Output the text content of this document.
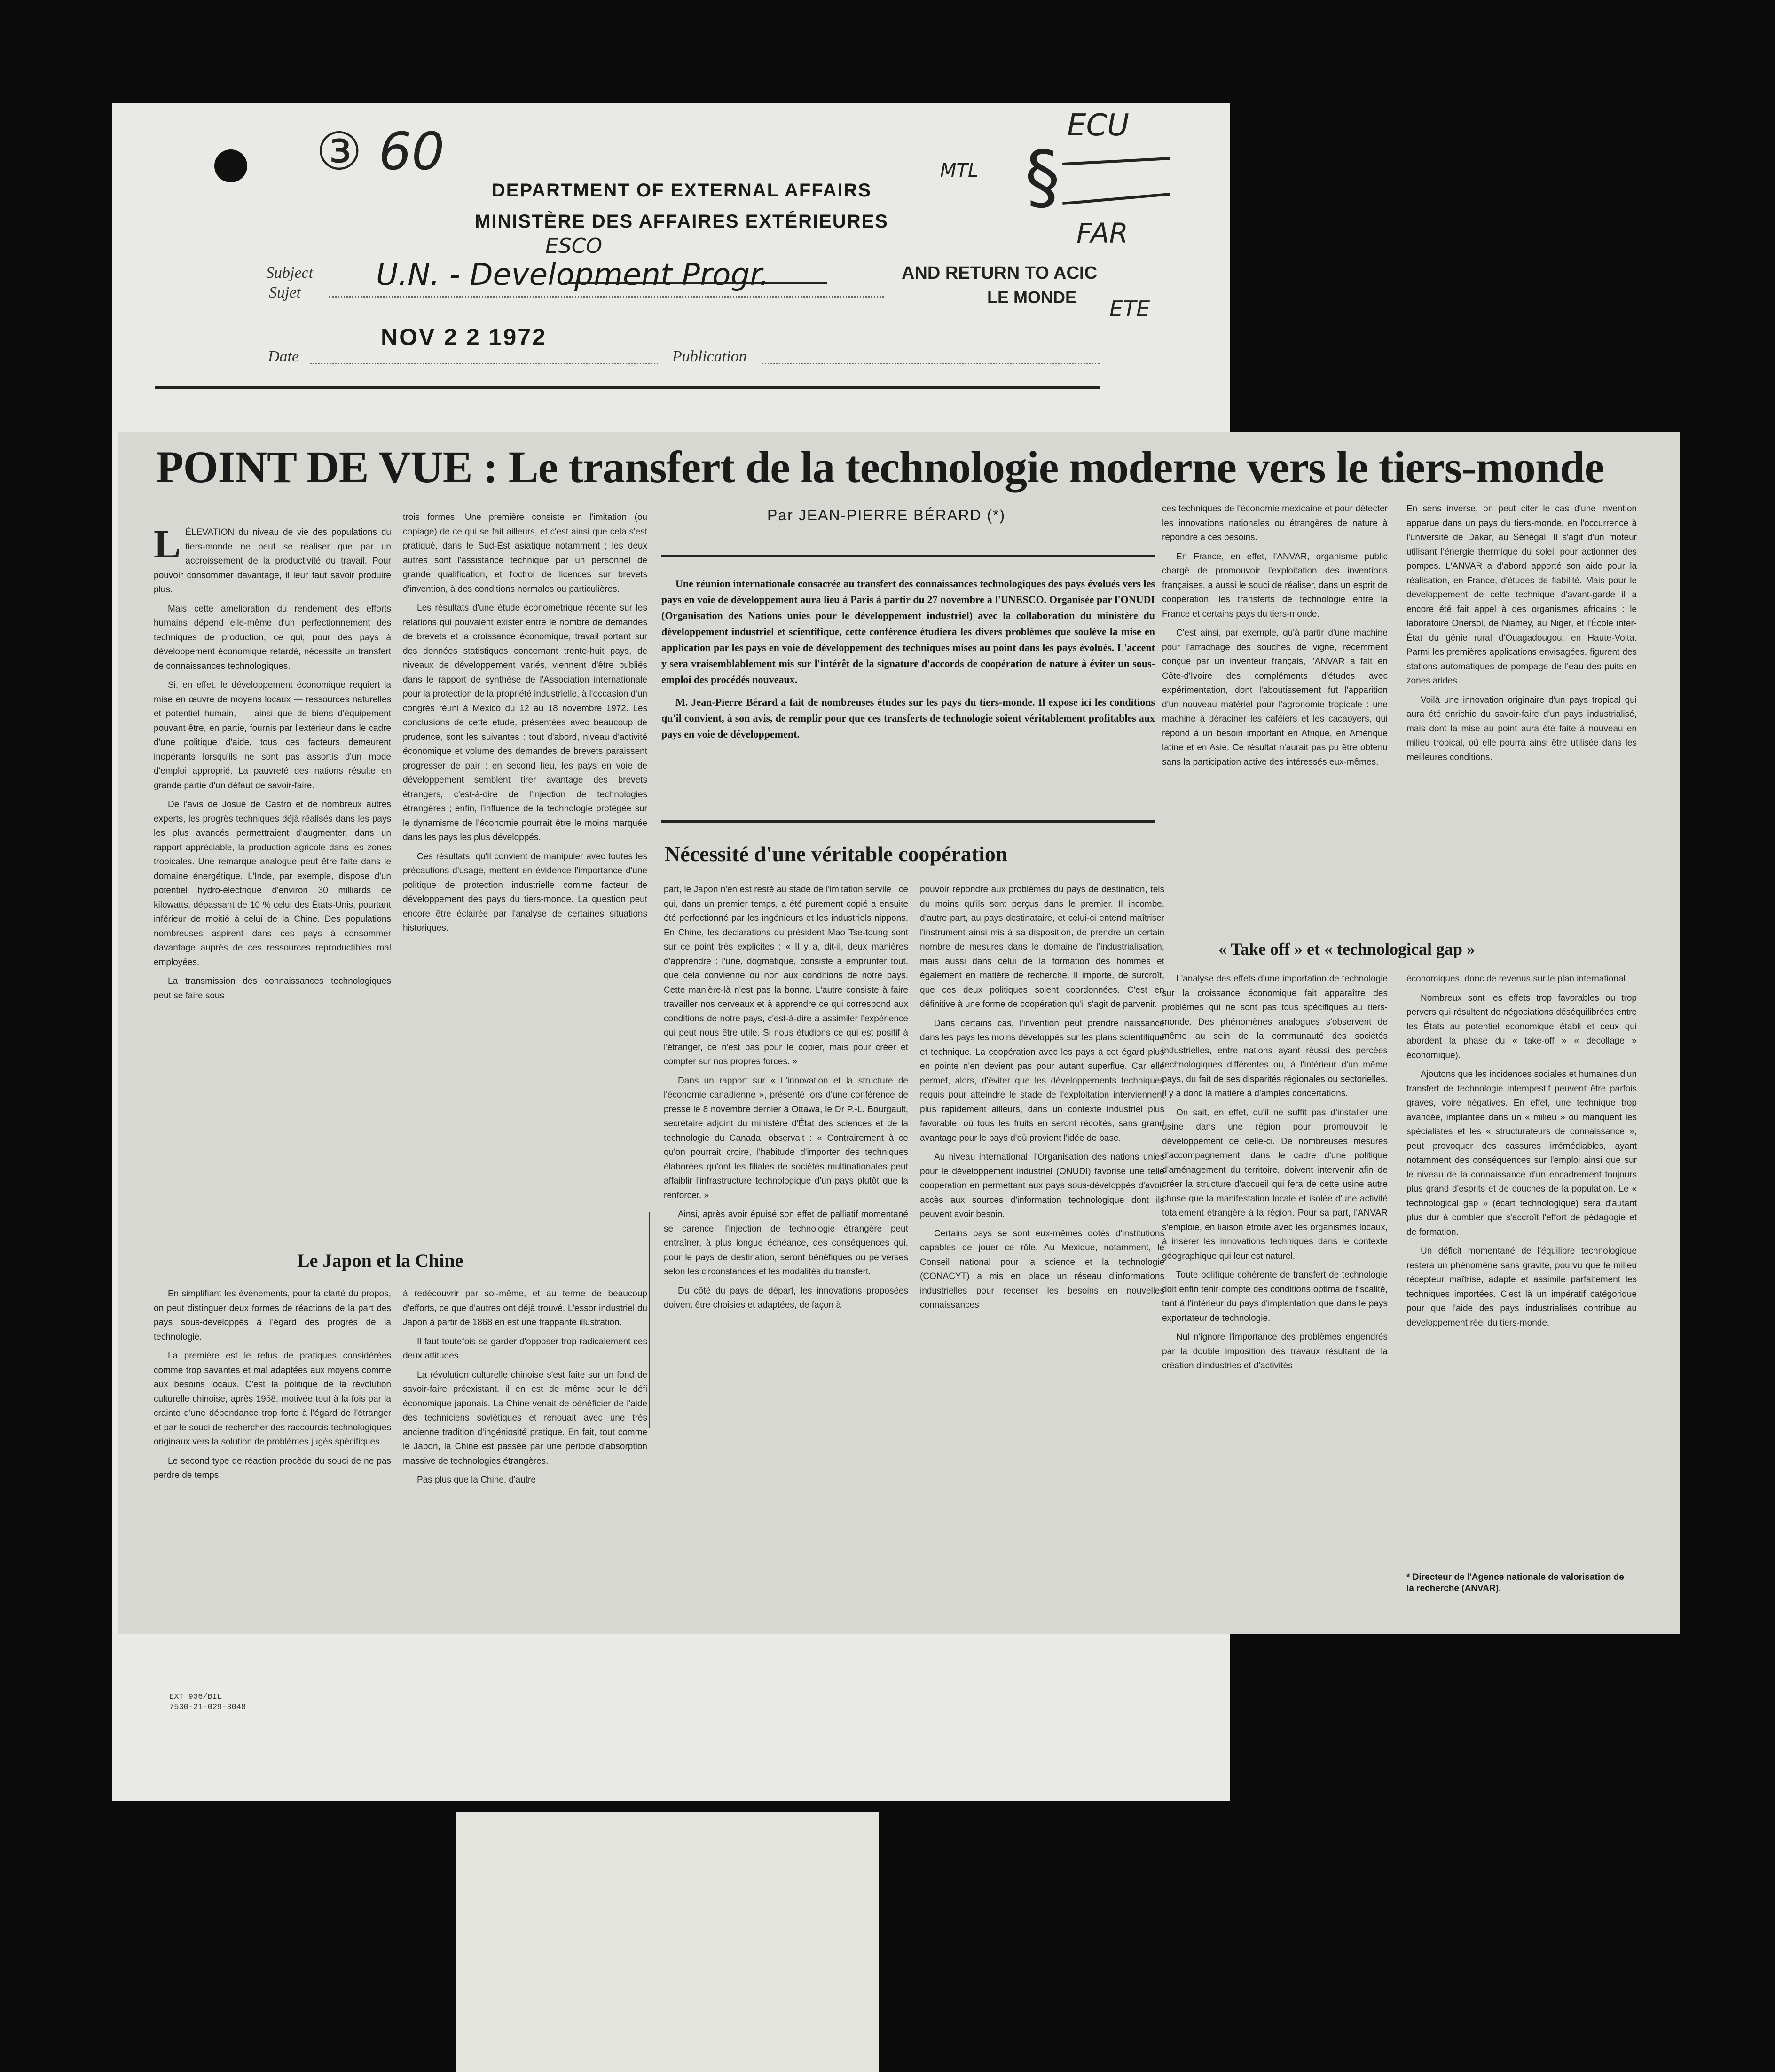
③ 60
DEPARTMENT OF EXTERNAL AFFAIRS
MINISTÈRE DES AFFAIRES EXTÉRIEURES
ECU
§
MTL
FAR
ETE
Subject
Sujet
ESCO
U.N. - Development Progr.	AND RETURN TO ACIC
LE MONDE
Date
NOV 2 2 1972
Publication
EXT 936/BIL
7530-21-029-3048
POINT DE VUE : Le transfert de la technologie moderne vers le tiers-monde
Par JEAN-PIERRE BÉRARD (*)
L ÉLEVATION du niveau de vie des populations du tiers-monde ne peut se réaliser que par un accroissement de la productivité du travail. Pour pouvoir consommer davantage, il leur faut savoir produire plus.

Mais cette amélioration du rendement des efforts humains dépend elle-même d'un perfectionnement des techniques de production, ce qui, pour des pays à développement économique retardé, nécessite un transfert de connaissances technologiques.

Si, en effet, le développement économique requiert la mise en œuvre de moyens locaux — ressources naturelles et potentiel humain, — ainsi que de biens d'équipement pouvant être, en partie, fournis par l'extérieur dans le cadre d'une politique d'aide, tous ces facteurs demeurent inopérants lorsqu'ils ne sont pas assortis d'un mode d'emploi approprié. La pauvreté des nations résulte en grande partie d'un défaut de savoir-faire.

De l'avis de Josué de Castro et de nombreux autres experts, les progrès techniques déjà réalisés dans les pays les plus avancés permettraient d'augmenter, dans un rapport appréciable, la production agricole dans les zones tropicales. Une remarque analogue peut être faite dans le domaine énergétique. L'Inde, par exemple, dispose d'un potentiel hydro-électrique d'environ 30 milliards de kilowatts, dépassant de 10 % celui des États-Unis, pourtant inférieur de moitié à celui de la Chine. Des populations nombreuses aspirent dans ces pays à consommer davantage auprès de ces ressources reproductibles mal employées.

La transmission des connaissances technologiques peut se faire sous

Le Japon et la Chine

En simplifiant les événements, pour la clarté du propos, on peut distinguer deux formes de réactions de la part des pays sous-développés à l'égard des progrès de la technologie.

La première est le refus de pratiques considérées comme trop savantes et mal adaptées aux moyens comme aux besoins locaux. C'est la politique de la révolution culturelle chinoise, après 1958, motivée tout à la fois par la crainte d'une dépendance trop forte à l'égard de l'étranger et par le souci de rechercher des raccourcis technologiques originaux vers la solution de problèmes jugés spécifiques.

Le second type de réaction procède du souci de ne pas perdre de temps

trois formes. Une première consiste en l'imitation (ou copiage) de ce qui se fait ailleurs, et c'est ainsi que cela s'est pratiqué, dans le Sud-Est asiatique notamment ; les deux autres sont l'assistance technique par un personnel de grande qualification, et l'octroi de licences sur brevets d'invention, à des conditions normales ou particulières.

Les résultats d'une étude économétrique récente sur les relations qui pouvaient exister entre le nombre de demandes de brevets et la croissance économique, travail portant sur des données statistiques concernant trente-huit pays, de niveaux de développement variés, viennent d'être publiés dans le rapport de synthèse de l'Association internationale pour la protection de la propriété industrielle, à l'occasion d'un congrès réuni à Mexico du 12 au 18 novembre 1972. Les conclusions de cette étude, présentées avec beaucoup de prudence, sont les suivantes : tout d'abord, niveau d'activité économique et volume des demandes de brevets paraissent progresser de pair ; en second lieu, les pays en voie de développement semblent tirer avantage des brevets étrangers, c'est-à-dire de l'injection de technologies étrangères ; enfin, l'influence de la technologie protégée sur le dynamisme de l'économie pourrait être le moins marquée dans les pays les plus développés.

Ces résultats, qu'il convient de manipuler avec toutes les précautions d'usage, mettent en évidence l'importance d'une politique de protection industrielle comme facteur de développement des pays du tiers-monde. La question peut encore être éclairée par l'analyse de certaines situations historiques.

à redécouvrir par soi-même, et au terme de beaucoup d'efforts, ce que d'autres ont déjà trouvé. L'essor industriel du Japon à partir de 1868 en est une frappante illustration.

Il faut toutefois se garder d'opposer trop radicalement ces deux attitudes.

La révolution culturelle chinoise s'est faite sur un fond de savoir-faire préexistant, il en est de même pour le défi économique japonais. La Chine venait de bénéficier de l'aide des techniciens soviétiques et renouait avec une très ancienne tradition d'ingéniosité pratique. En fait, tout comme le Japon, la Chine est passée par une période d'absorption massive de technologies étrangères.

Pas plus que la Chine, d'autre

Une réunion internationale consacrée au transfert des connaissances technologiques des pays évolués vers les pays en voie de développement aura lieu à Paris à partir du 27 novembre à l'UNESCO. Organisée par l'ONUDI (Organisation des Nations unies pour le développement industriel) avec la collaboration du ministère du développement industriel et scientifique, cette conférence étudiera les divers problèmes que soulève la mise en application par les pays en voie de développement des techniques mises au point dans les pays évolués. L'accent y sera vraisemblablement mis sur l'intérêt de la signature d'accords de coopération de nature à éviter un sous-emploi des procédés nouveaux.

M. Jean-Pierre Bérard a fait de nombreuses études sur les pays du tiers-monde. Il expose ici les conditions qu'il convient, à son avis, de remplir pour que ces transferts de technologie soient véritablement profitables aux pays en voie de développement.

Nécessité d'une véritable coopération

part, le Japon n'en est resté au stade de l'imitation servile ; ce qui, dans un premier temps, a été purement copié a ensuite été perfectionné par les ingénieurs et les industriels nippons. En Chine, les déclarations du président Mao Tse-toung sont sur ce point très explicites : « Il y a, dit-il, deux manières d'apprendre : l'une, dogmatique, consiste à emprunter tout, que cela convienne ou non aux conditions de notre pays. Cette manière-là n'est pas la bonne. L'autre consiste à faire travailler nos cerveaux et à apprendre ce qui correspond aux conditions de notre pays, c'est-à-dire à assimiler l'expérience qui peut nous être utile. Si nous étudions ce qui est positif à l'étranger, ce n'est pas pour le copier, mais pour créer et compter sur nos propres forces. »

Dans un rapport sur « L'innovation et la structure de l'économie canadienne », présenté lors d'une conférence de presse le 8 novembre dernier à Ottawa, le Dr P.-L. Bourgault, secrétaire adjoint du ministère d'État des sciences et de la technologie du Canada, observait : « Contrairement à ce qu'on pourrait croire, l'habitude d'importer des techniques élaborées qu'ont les filiales de sociétés multinationales peut affaiblir l'infrastructure technologique d'un pays plutôt que la renforcer. »

Ainsi, après avoir épuisé son effet de palliatif momentané se carence, l'injection de technologie étrangère peut entraîner, à plus longue échéance, des conséquences qui, pour le pays de destination, seront bénéfiques ou perverses selon les circonstances et les modalités du transfert.

Du côté du pays de départ, les innovations proposées doivent être choisies et adaptées, de façon à

pouvoir répondre aux problèmes du pays de destination, tels du moins qu'ils sont perçus dans le premier. Il incombe, d'autre part, au pays destinataire, et celui-ci entend maîtriser l'instrument ainsi mis à sa disposition, de prendre un certain nombre de mesures dans le domaine de l'industrialisation, mais aussi dans celui de la formation des hommes et également en matière de recherche. Il importe, de surcroît, que ces deux politiques soient coordonnées. C'est en définitive à une forme de coopération qu'il s'agit de parvenir.

Dans certains cas, l'invention peut prendre naissance dans les pays les moins développés sur les plans scientifique et technique. La coopération avec les pays à cet égard plus en pointe n'en devient pas pour autant superflue. Car elle permet, alors, d'éviter que les développements techniques requis pour atteindre le stade de l'exploitation interviennent plus rapidement ailleurs, dans un contexte industriel plus favorable, où tous les fruits en seront récoltés, sans grand avantage pour le pays d'où provient l'idée de base.

Au niveau international, l'Organisation des nations unies pour le développement industriel (ONUDI) favorise une telle coopération en permettant aux pays sous-développés d'avoir accès aux sources d'information technologique dont ils peuvent avoir besoin.

Certains pays se sont eux-mêmes dotés d'institutions capables de jouer ce rôle. Au Mexique, notamment, le Conseil national pour la science et la technologie (CONACYT) a mis en place un réseau d'informations industrielles pour recenser les besoins en nouvelles connaissances

ces techniques de l'économie mexicaine et pour détecter les innovations nationales ou étrangères de nature à répondre à ces besoins.

En France, en effet, l'ANVAR, organisme public chargé de promouvoir l'exploitation des inventions françaises, a aussi le souci de réaliser, dans un esprit de coopération, les transferts de technologie entre la France et certains pays du tiers-monde.

C'est ainsi, par exemple, qu'à partir d'une machine pour l'arrachage des souches de vigne, récemment conçue par un inventeur français, l'ANVAR a fait en Côte-d'Ivoire des compléments d'études avec expérimentation, dont l'aboutissement fut l'apparition d'un nouveau matériel pour l'agronomie tropicale : une machine à déraciner les caféiers et les cacaoyers, qui répond à un besoin important en Afrique, en Amérique latine et en Asie. Ce résultat n'aurait pas pu être obtenu sans la participation active des intéressés eux-mêmes.

En sens inverse, on peut citer le cas d'une invention apparue dans un pays du tiers-monde, en l'occurrence à l'université de Dakar, au Sénégal. Il s'agit d'un moteur utilisant l'énergie thermique du soleil pour actionner des pompes. L'ANVAR a d'abord apporté son aide pour la réalisation, en France, d'études de fiabilité. Mais pour le développement de cette technique d'avant-garde il a encore été fait appel à des organismes africains : le laboratoire Onersol, de Niamey, au Niger, et l'École inter-État du génie rural d'Ouagadougou, en Haute-Volta. Parmi les premières applications envisagées, figurent des stations automatiques de pompage de l'eau des puits en zones arides.

Voilà une innovation originaire d'un pays tropical qui aura été enrichie du savoir-faire d'un pays industrialisé, mais dont la mise au point aura été faite à nouveau en milieu tropical, où elle pourra ainsi être utilisée dans les meilleures conditions.

« Take off » et « technological gap »

L'analyse des effets d'une importation de technologie sur la croissance économique fait apparaître des problèmes qui ne sont pas tous spécifiques au tiers-monde. Des phénomènes analogues s'observent de même au sein de la communauté des sociétés industrielles, entre nations ayant réussi des percées technologiques différentes ou, à l'intérieur d'un même pays, du fait de ses disparités régionales ou sectorielles. Il y a donc là matière à d'amples concertations.

On sait, en effet, qu'il ne suffit pas d'installer une usine dans une région pour promouvoir le développement de celle-ci. De nombreuses mesures d'accompagnement, dans le cadre d'une politique d'aménagement du territoire, doivent intervenir afin de créer la structure d'accueil qui fera de cette usine autre chose que la manifestation locale et isolée d'une activité totalement étrangère à la région. Pour sa part, l'ANVAR s'emploie, en liaison étroite avec les organismes locaux, à insérer les innovations techniques dans le contexte géographique qui leur est naturel.

Toute politique cohérente de transfert de technologie doit enfin tenir compte des conditions optima de fiscalité, tant à l'intérieur du pays d'implantation que dans le pays exportateur de technologie.

Nul n'ignore l'importance des problèmes engendrés par la double imposition des travaux résultant de la création d'industries et d'activités

économiques, donc de revenus sur le plan international.

Nombreux sont les effets trop favorables ou trop pervers qui résultent de négociations déséquilibrées entre les États au potentiel économique établi et ceux qui abordent la phase du « take-off » « décollage » économique).

Ajoutons que les incidences sociales et humaines d'un transfert de technologie intempestif peuvent être parfois graves, voire négatives. En effet, une technique trop avancée, implantée dans un « milieu » où manquent les spécialistes et les « structurateurs de connaissance », peut provoquer des cassures irrémédiables, ayant notamment des conséquences sur l'emploi ainsi que sur le niveau de la connaissance d'un encadrement toujours plus grand d'esprits et de couches de la population. Le « technological gap » (écart technologique) sera d'autant plus dur à combler que s'accroît l'effort de pédagogie et de formation.

Un déficit momentané de l'équilibre technologique restera un phénomène sans gravité, pourvu que le milieu récepteur maîtrise, adapte et assimile parfaitement les techniques importées. C'est là un impératif catégorique pour que l'aide des pays industrialisés contribue au développement réel du tiers-monde.

* Directeur de l'Agence nationale de valorisation de la recherche (ANVAR).
